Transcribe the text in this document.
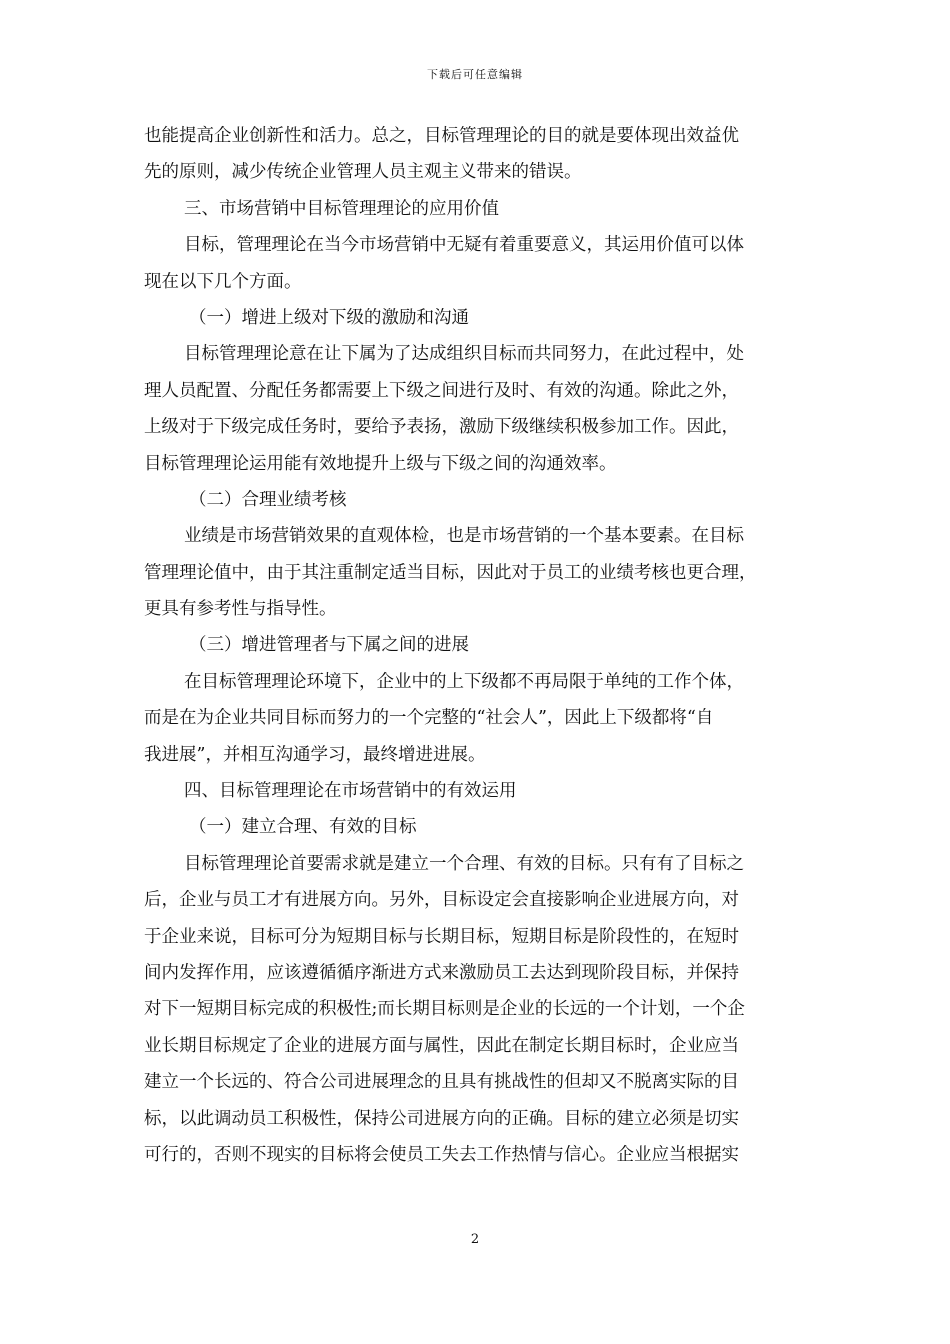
下载后可任意编辑
也能提高企业创新性和活力。总之，目标管理理论的目的就是要体现出效益优
先的原则，减少传统企业管理人员主观主义带来的错误。
三、市场营销中目标管理理论的应用价值
目标，管理理论在当今市场营销中无疑有着重要意义，其运用价值可以体
现在以下几个方面。
（一）增进上级对下级的激励和沟通
目标管理理论意在让下属为了达成组织目标而共同努力，在此过程中，处
理人员配置、分配任务都需要上下级之间进行及时、有效的沟通。除此之外，
上级对于下级完成任务时，要给予表扬，激励下级继续积极参加工作。因此，
目标管理理论运用能有效地提升上级与下级之间的沟通效率。
（二）合理业绩考核
业绩是市场营销效果的直观体检，也是市场营销的一个基本要素。在目标
管理理论值中，由于其注重制定适当目标，因此对于员工的业绩考核也更合理，
更具有参考性与指导性。
（三）增进管理者与下属之间的进展
在目标管理理论环境下，企业中的上下级都不再局限于单纯的工作个体，
而是在为企业共同目标而努力的一个完整的“社会人”，因此上下级都将“自
我进展”，并相互沟通学习，最终增进进展。
四、目标管理理论在市场营销中的有效运用
（一）建立合理、有效的目标
目标管理理论首要需求就是建立一个合理、有效的目标。只有有了目标之
后，企业与员工才有进展方向。另外，目标设定会直接影响企业进展方向，对
于企业来说，目标可分为短期目标与长期目标，短期目标是阶段性的，在短时
间内发挥作用，应该遵循循序渐进方式来激励员工去达到现阶段目标，并保持
对下一短期目标完成的积极性;而长期目标则是企业的长远的一个计划，一个企
业长期目标规定了企业的进展方面与属性，因此在制定长期目标时，企业应当
建立一个长远的、符合公司进展理念的且具有挑战性的但却又不脱离实际的目
标，以此调动员工积极性，保持公司进展方向的正确。目标的建立必须是切实
可行的，否则不现实的目标将会使员工失去工作热情与信心。企业应当根据实
2
